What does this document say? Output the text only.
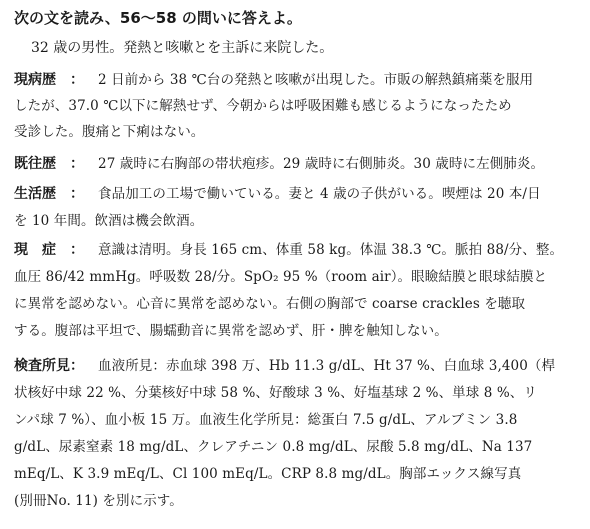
次の文を読み、56〜58 の問いに答えよ。
32 歳の男性。発熱と咳嗽とを主訴に来院した。
現病歴　： 2 日前から 38 ℃台の発熱と咳嗽が出現した。市販の解熱鎮痛薬を服用
したが、37.0 ℃以下に解熱せず、今朝からは呼吸困難も感じるようになったため
受診した。腹痛と下痢はない。
既往歴　： 27 歳時に右胸部の帯状疱疹。29 歳時に右側肺炎。30 歳時に左側肺炎。
生活歴　： 食品加工の工場で働いている。妻と 4 歳の子供がいる。喫煙は 20 本/日
を 10 年間。飲酒は機会飲酒。
現　症　： 意識は清明。身長 165 cm、体重 58 kg。体温 38.3 ℃。脈拍 88/分、整。
血圧 86/42 mmHg。呼吸数 28/分。SpO₂ 95 %（room air）。眼瞼結膜と眼球結膜と
に異常を認めない。心音に異常を認めない。右側の胸部で coarse crackles を聴取
する。腹部は平坦で、腸蠕動音に異常を認めず、肝・脾を触知しない。
検査所見： 血液所見：赤血球 398 万、Hb 11.3 g/dL、Ht 37 %、白血球 3,400（桿
状核好中球 22 %、分葉核好中球 58 %、好酸球 3 %、好塩基球 2 %、単球 8 %、リ
ンパ球 7 %）、血小板 15 万。血液生化学所見：総蛋白 7.5 g/dL、アルブミン 3.8
g/dL、尿素窒素 18 mg/dL、クレアチニン 0.8 mg/dL、尿酸 5.8 mg/dL、Na 137
mEq/L、K 3.9 mEq/L、Cl 100 mEq/L。CRP 8.8 mg/dL。胸部エックス線写真
(別冊No. 11) を別に示す。
